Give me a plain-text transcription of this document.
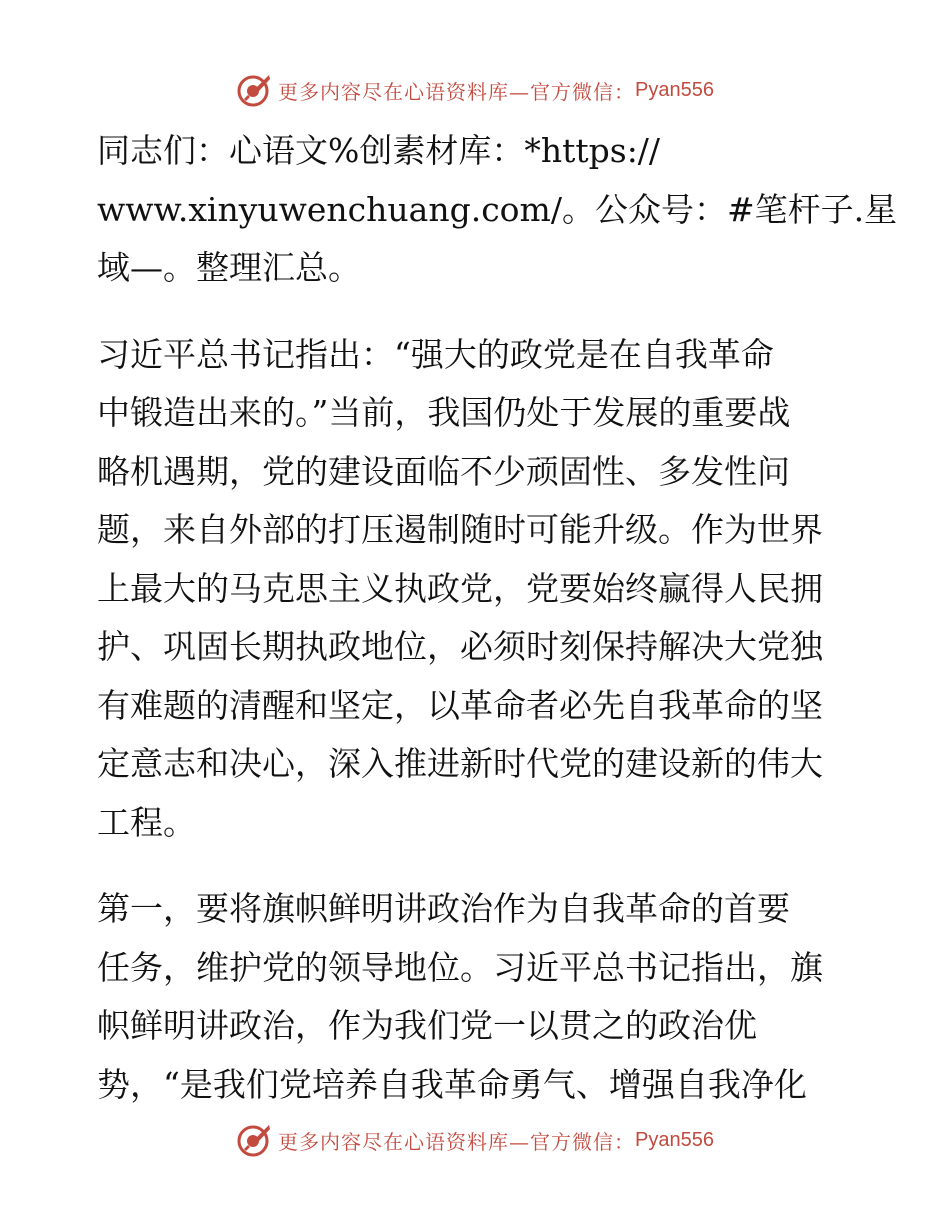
更多内容尽在心语资料库—官方微信： Pyan556

同志们：心语文%创素材库：*https://
www.xinyuwenchuang.com/。公众号：#笔杆子.星
域—。整理汇总。

习近平总书记指出：“强大的政党是在自我革命
中锻造出来的。”当前，我国仍处于发展的重要战
略机遇期，党的建设面临不少顽固性、多发性问
题，来自外部的打压遏制随时可能升级。作为世界
上最大的马克思主义执政党，党要始终赢得人民拥
护、巩固长期执政地位，必须时刻保持解决大党独
有难题的清醒和坚定，以革命者必先自我革命的坚
定意志和决心，深入推进新时代党的建设新的伟大
工程。

第一，要将旗帜鲜明讲政治作为自我革命的首要
任务，维护党的领导地位。习近平总书记指出，旗
帜鲜明讲政治，作为我们党一以贯之的政治优
势，“是我们党培养自我革命勇气、增强自我净化

更多内容尽在心语资料库—官方微信： Pyan556
